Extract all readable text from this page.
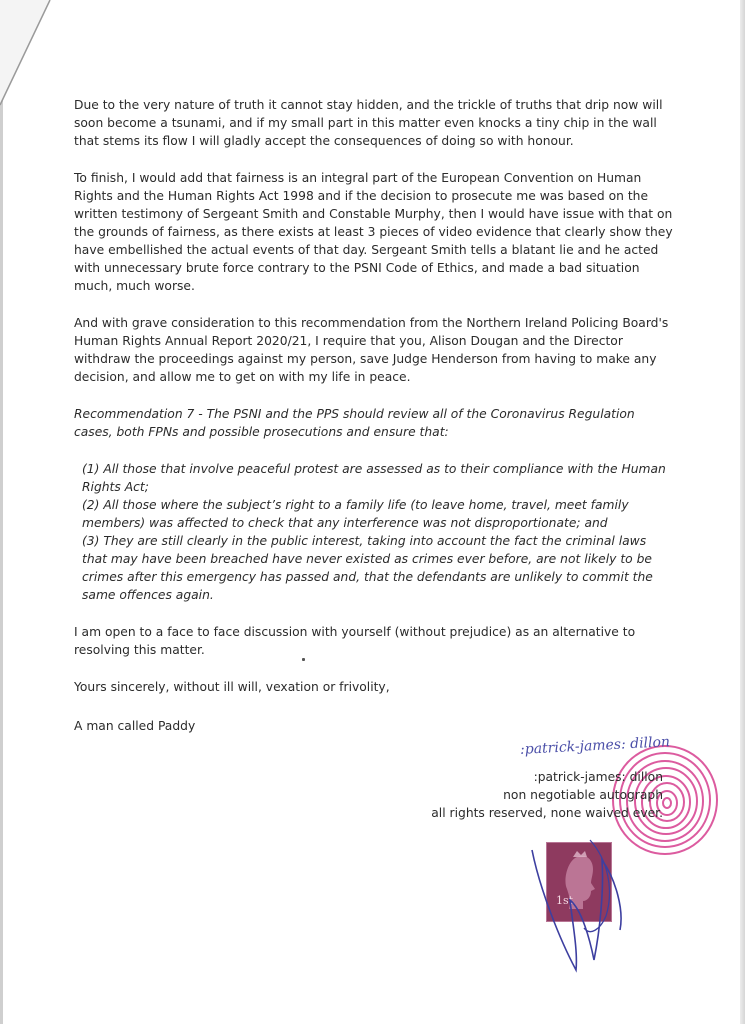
Due to the very nature of truth it cannot stay hidden, and the trickle of truths that drip now will soon become a tsunami, and if my small part in this matter even knocks a tiny chip in the wall that stems its flow I will gladly accept the consequences of doing so with honour.

To finish, I would add that fairness is an integral part of the European Convention on Human Rights and the Human Rights Act 1998 and if the decision to prosecute me was based on the written testimony of Sergeant Smith and Constable Murphy, then I would have issue with that on the grounds of fairness, as there exists at least 3 pieces of video evidence that clearly show they have embellished the actual events of that day. Sergeant Smith tells a blatant lie and he acted with unnecessary brute force contrary to the PSNI Code of Ethics, and made a bad situation much, much worse.

And with grave consideration to this recommendation from the Northern Ireland Policing Board's Human Rights Annual Report 2020/21, I require that you, Alison Dougan and the Director withdraw the proceedings against my person, save Judge Henderson from having to make any decision, and allow me to get on with my life in peace.

Recommendation 7 - The PSNI and the PPS should review all of the Coronavirus Regulation cases, both FPNs and possible prosecutions and ensure that:

(1) All those that involve peaceful protest are assessed as to their compliance with the Human Rights Act;
(2) All those where the subject’s right to a family life (to leave home, travel, meet family members) was affected to check that any interference was not disproportionate; and
(3) They are still clearly in the public interest, taking into account the fact the criminal laws that may have been breached have never existed as crimes ever before, are not likely to be crimes after this emergency has passed and, that the defendants are unlikely to commit the same offences again.

I am open to a face to face discussion with yourself (without prejudice) as an alternative to resolving this matter.

Yours sincerely, without ill will, vexation or frivolity,

A man called Paddy

:patrick-james: dillon

:patrick-james: dillon

non negotiable autograph

all rights reserved, none waived ever.

1st
